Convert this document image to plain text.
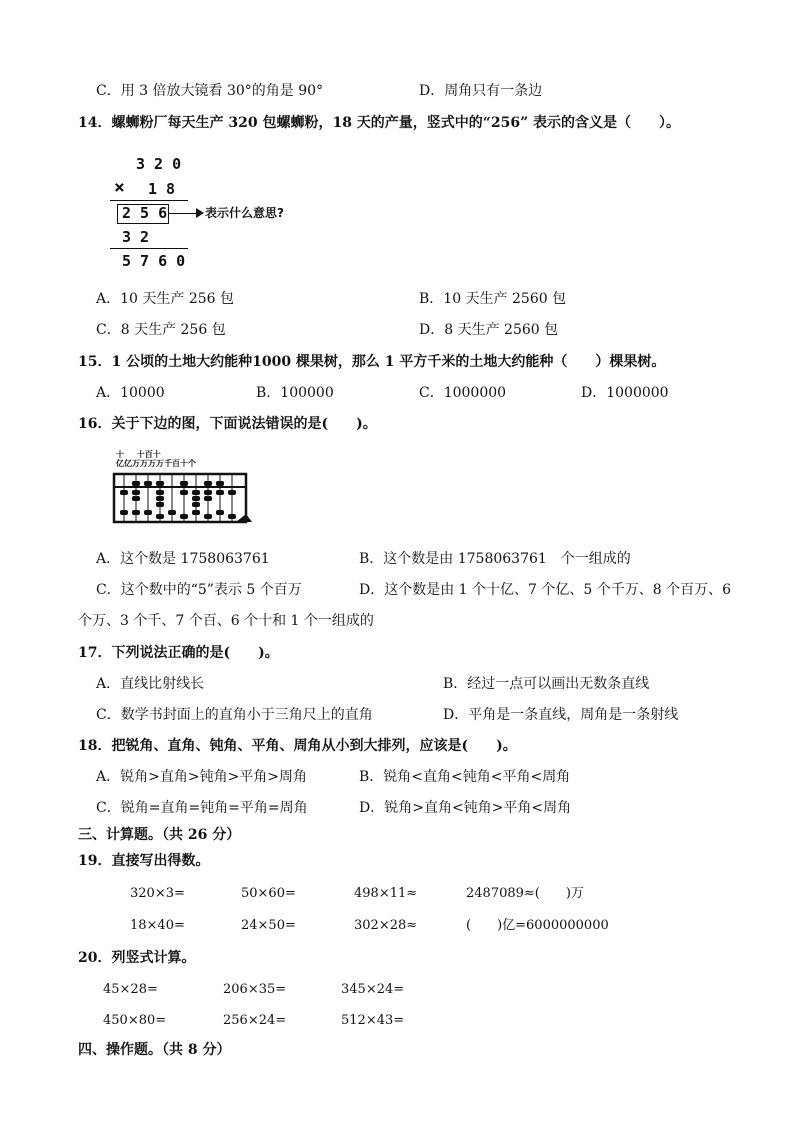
C．用 3 倍放大镜看 30°的角是 90°	D．周角只有一条边
14．螺蛳粉厂每天生产 320 包螺蛳粉，18 天的产量，竖式中的“256” 表示的含义是（　　）。
3 2 0
× 1 8
2 5 6	表示什么意思?
3 2
5 7 6 0
A．10 天生产 256 包	B．10 天生产 2560 包
C．8 天生产 256 包	D．8 天生产 2560 包
15．1 公顷的土地大约能种1000 棵果树，那么 1 平方千米的土地大约能种（　　）棵果树。
A．10000	B．100000	C．1000000	D．1000000
16．关于下边的图，下面说法错误的是(　　)。
十 十百十
亿亿万万万万千百十个
A．这个数是 1758063761	B．这个数是由 1758063761　个一组成的
C．这个数中的“5”表示 5 个百万	D．这个数是由 1 个十亿、7 个亿、5 个千万、8 个百万、6
个万、3 个千、7 个百、6 个十和 1 个一组成的
17．下列说法正确的是(　　)。
A．直线比射线长	B．经过一点可以画出无数条直线
C．数学书封面上的直角小于三角尺上的直角	D．平角是一条直线，周角是一条射线
18．把锐角、直角、钝角、平角、周角从小到大排列，应该是(　　)。
A．锐角>直角>钝角>平角>周角	B．锐角<直角<钝角<平角<周角
C．锐角=直角=钝角=平角=周角	D．锐角>直角<钝角>平角<周角
三、计算题。（共 26 分）
19．直接写出得数。
320×3=	50×60=	498×11≈	2487089≈(　　)万
18×40=	24×50=	302×28≈	(　　)亿=6000000000
20．列竖式计算。
45×28=	206×35=	345×24=
450×80=	256×24=	512×43=
四、操作题。（共 8 分）
